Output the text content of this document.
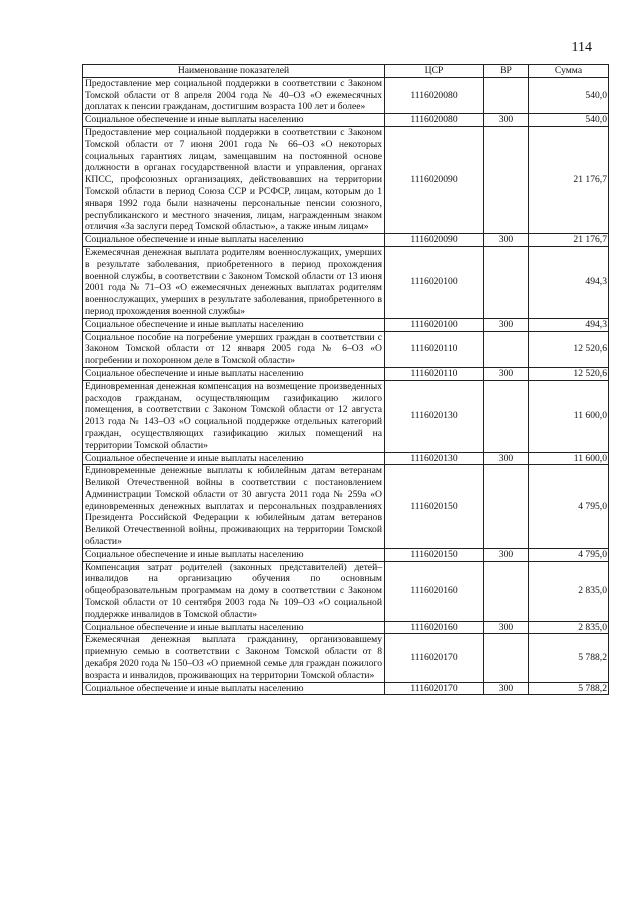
114
Наименование показателей	ЦСР	ВР	Сумма
Предоставление мер социальной поддержки в соответствии с Законом Томской области от 8 апреля 2004 года № 40–ОЗ «О ежемесячных доплатах к пенсии гражданам, достигшим возраста 100 лет и более»	1116020080		540,0
Социальное обеспечение и иные выплаты населению	1116020080	300	540,0
Предоставление мер социальной поддержки в соответствии с Законом Томской области от 7 июня 2001 года № 66–ОЗ «О некоторых социальных гарантиях лицам, замещавшим на постоянной основе должности в органах государственной власти и управления, органах КПСС, профсоюзных организациях, действовавших на территории Томской области в период Союза ССР и РСФСР, лицам, которым до 1 января 1992 года были назначены персональные пенсии союзного, республиканского и местного значения, лицам, награжденным знаком отличия «За заслуги перед Томской областью», а также иным лицам»	1116020090		21 176,7
Социальное обеспечение и иные выплаты населению	1116020090	300	21 176,7
Ежемесячная денежная выплата родителям военнослужащих, умерших в результате заболевания, приобретенного в период прохождения военной службы, в соответствии с Законом Томской области от 13 июня 2001 года № 71–ОЗ «О ежемесячных денежных выплатах родителям военнослужащих, умерших в результате заболевания, приобретенного в период прохождения военной службы»	1116020100		494,3
Социальное обеспечение и иные выплаты населению	1116020100	300	494,3
Социальное пособие на погребение умерших граждан в соответствии с Законом Томской области от 12 января 2005 года № 6–ОЗ «О погребении и похоронном деле в Томской области»	1116020110		12 520,6
Социальное обеспечение и иные выплаты населению	1116020110	300	12 520,6
Единовременная денежная компенсация на возмещение произведенных расходов гражданам, осуществляющим газификацию жилого помещения, в соответствии с Законом Томской области от 12 августа 2013 года № 143–ОЗ «О социальной поддержке отдельных категорий граждан, осуществляющих газификацию жилых помещений на территории Томской области»	1116020130		11 600,0
Социальное обеспечение и иные выплаты населению	1116020130	300	11 600,0
Единовременные денежные выплаты к юбилейным датам ветеранам Великой Отечественной войны в соответствии с постановлением Администрации Томской области от 30 августа 2011 года № 259а «О единовременных денежных выплатах и персональных поздравлениях Президента Российской Федерации к юбилейным датам ветеранов Великой Отечественной войны, проживающих на территории Томской области»	1116020150		4 795,0
Социальное обеспечение и иные выплаты населению	1116020150	300	4 795,0
Компенсация затрат родителей (законных представителей) детей–инвалидов на организацию обучения по основным общеобразовательным программам на дому в соответствии с Законом Томской области от 10 сентября 2003 года № 109–ОЗ «О социальной поддержке инвалидов в Томской области»	1116020160		2 835,0
Социальное обеспечение и иные выплаты населению	1116020160	300	2 835,0
Ежемесячная денежная выплата гражданину, организовавшему приемную семью в соответствии с Законом Томской области от 8 декабря 2020 года № 150–ОЗ «О приемной семье для граждан пожилого возраста и инвалидов, проживающих на территории Томской области»	1116020170		5 788,2
Социальное обеспечение и иные выплаты населению	1116020170	300	5 788,2
